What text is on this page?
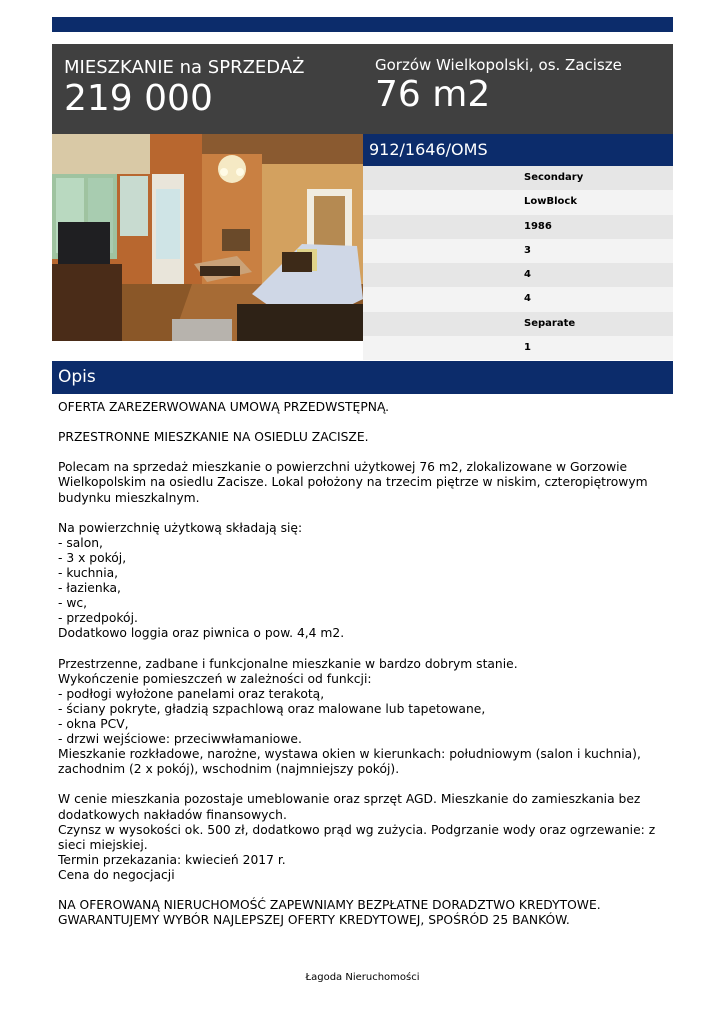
MIESZKANIE na SPRZEDAŻ
219 000
Gorzów Wielkopolski, os. Zacisze
76 m2
912/1646/OMS
Secondary
LowBlock
1986
3
4
4
Separate
1
Opis
OFERTA ZAREZERWOWANA UMOWĄ PRZEDWSTĘPNĄ.

PRZESTRONNE MIESZKANIE NA OSIEDLU ZACISZE.

Polecam na sprzedaż mieszkanie o powierzchni użytkowej 76 m2, zlokalizowane w Gorzowie Wielkopolskim na osiedlu Zacisze. Lokal położony na trzecim piętrze w niskim, czteropiętrowym budynku mieszkalnym.

Na powierzchnię użytkową składają się:
- salon,
- 3 x pokój,
- kuchnia,
- łazienka,
- wc,
- przedpokój.
Dodatkowo loggia oraz piwnica o pow. 4,4 m2.

Przestrzenne, zadbane i funkcjonalne mieszkanie w bardzo dobrym stanie.
Wykończenie pomieszczeń w zależności od funkcji:
- podłogi wyłożone panelami oraz terakotą,
- ściany pokryte, gładzią szpachlową oraz malowane lub tapetowane,
- okna PCV,
- drzwi wejściowe: przeciwwłamaniowe.
Mieszkanie rozkładowe, narożne, wystawa okien w kierunkach: południowym (salon i kuchnia), zachodnim (2 x pokój), wschodnim (najmniejszy pokój).

W cenie mieszkania pozostaje umeblowanie oraz sprzęt AGD. Mieszkanie do zamieszkania bez dodatkowych nakładów finansowych.
Czynsz w wysokości ok. 500 zł, dodatkowo prąd wg zużycia. Podgrzanie wody oraz ogrzewanie: z sieci miejskiej.
Termin przekazania: kwiecień 2017 r.
Cena do negocjacji

NA OFEROWANĄ NIERUCHOMOŚĆ ZAPEWNIAMY BEZPŁATNE DORADZTWO KREDYTOWE. GWARANTUJEMY WYBÓR NAJLEPSZEJ OFERTY KREDYTOWEJ, SPOŚRÓD 25 BANKÓW.
Łagoda Nieruchomości
